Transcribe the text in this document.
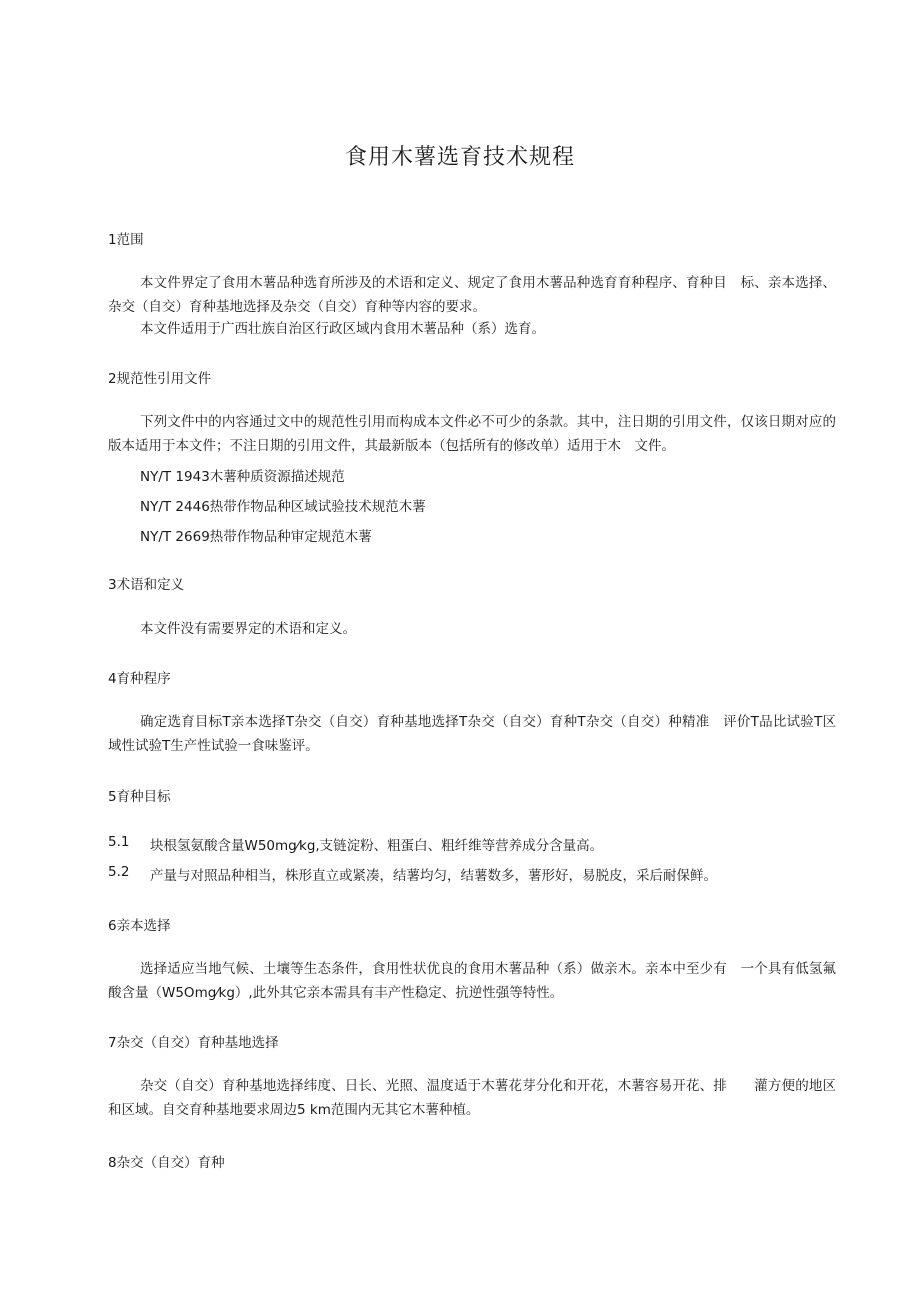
食用木薯选育技术规程

1范围

本文件界定了食用木薯品种选育所涉及的术语和定义、规定了食用木薯品种选育育种程序、育种目　标、亲本选择、杂交（自交）育种基地选择及杂交（自交）育种等内容的要求。

本文件适用于广西壮族自治区行政区域内食用木薯品种（系）选育。

2规范性引用文件

下列文件中的内容通过文中的规范性引用而构成本文件必不可少的条款。其中，注日期的引用文件，仅该日期对应的版本适用于本文件；不注日期的引用文件，其最新版本（包括所有的修改单）适用于木　文件。

NY/T 1943木薯种质资源描述规范

NY/T 2446热带作物品种区域试验技术规范木薯

NY/T 2669热带作物品种审定规范木薯

3术语和定义

本文件没有需要界定的术语和定义。

4育种程序

确定选育目标T亲本选择T杂交（自交）育种基地选择T杂交（自交）育种T杂交（自交）种精准　评价T品比试验T区域性试验T生产性试验一食味鉴评。

5育种目标

5.1	块根氢氨酸含量W50mg⁄kg,支链淀粉、粗蛋白、粗纤维等营养成分含量高。
5.2	产量与对照品种相当，株形直立或紧凑，结薯均匀，结薯数多，薯形好，易脱皮，采后耐保鲜。

6亲本选择

选择适应当地气候、土壤等生态条件，食用性状优良的食用木薯品种（系）做亲木。亲本中至少有　一个具有低氢氟酸含量（W5Omg⁄kg）,此外其它亲本需具有丰产性稳定、抗逆性强等特性。

7杂交（自交）育种基地选择

杂交（自交）育种基地选择纬度、日长、光照、温度适于木薯花芽分化和开花，木薯容易开花、排　　灌方便的地区和区域。自交育种基地要求周边5 km范围内无其它木薯种植。

8杂交（自交）育种
